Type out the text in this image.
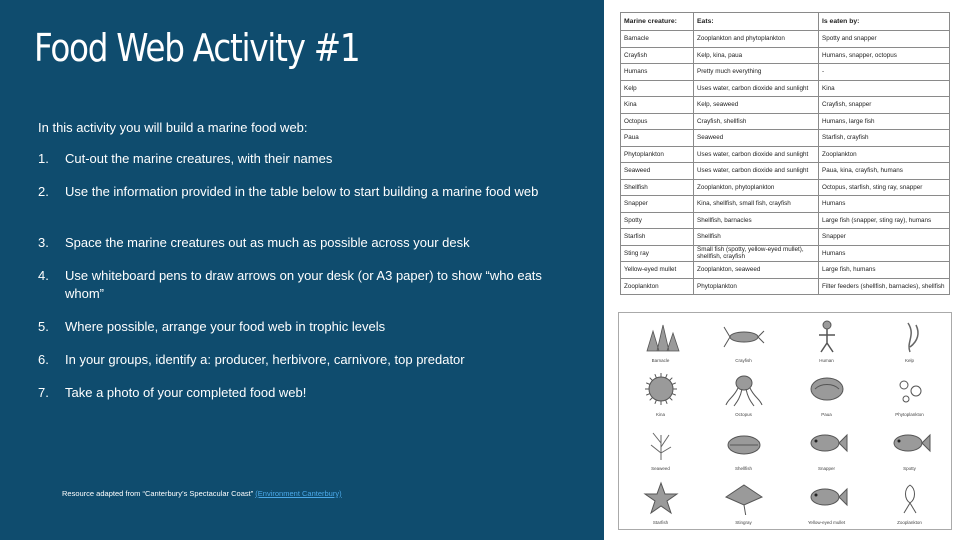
Food Web Activity #1
In this activity you will build a marine food web:
1. Cut-out the marine creatures, with their names
2. Use the information provided in the table below to start building a marine food web
3. Space the marine creatures out as much as possible across your desk
4. Use whiteboard pens to draw arrows on your desk (or A3 paper) to show “who eats whom”
5. Where possible, arrange your food web in trophic levels
6. In your groups, identify a: producer, herbivore, carnivore, top predator
7. Take a photo of your completed food web!
Resource adapted from “Canterbury’s Spectacular Coast” (Environment Canterbury)
Marine creature:	Eats:	Is eaten by:
Barnacle	Zooplankton and phytoplankton	Spotty and snapper
Crayfish	Kelp, kina, paua	Humans, snapper, octopus
Humans	Pretty much everything	-
Kelp	Uses water, carbon dioxide and sunlight	Kina
Kina	Kelp, seaweed	Crayfish, snapper
Octopus	Crayfish, shellfish	Humans, large fish
Paua	Seaweed	Starfish, crayfish
Phytoplankton	Uses water, carbon dioxide and sunlight	Zooplankton
Seaweed	Uses water, carbon dioxide and sunlight	Paua, kina, crayfish, humans
Shellfish	Zooplankton, phytoplankton	Octopus, starfish, sting ray, snapper
Snapper	Kina, shellfish, small fish, crayfish	Humans
Spotty	Shellfish, barnacles	Large fish (snapper, sting ray), humans
Starfish	Shellfish	Snapper
Sting ray	Small fish (spotty, yellow-eyed mullet), shellfish, crayfish	Humans
Yellow-eyed mullet	Zooplankton, seaweed	Large fish, humans
Zooplankton	Phytoplankton	Filter feeders (shellfish, barnacles), shellfish
Barnacle	Crayfish	Human	Kelp
Kina	Octopus	Paua	Phytoplankton
Seaweed	Shellfish	Snapper	Spotty
Starfish	Stingray	Yellow-eyed mullet	Zooplankton
